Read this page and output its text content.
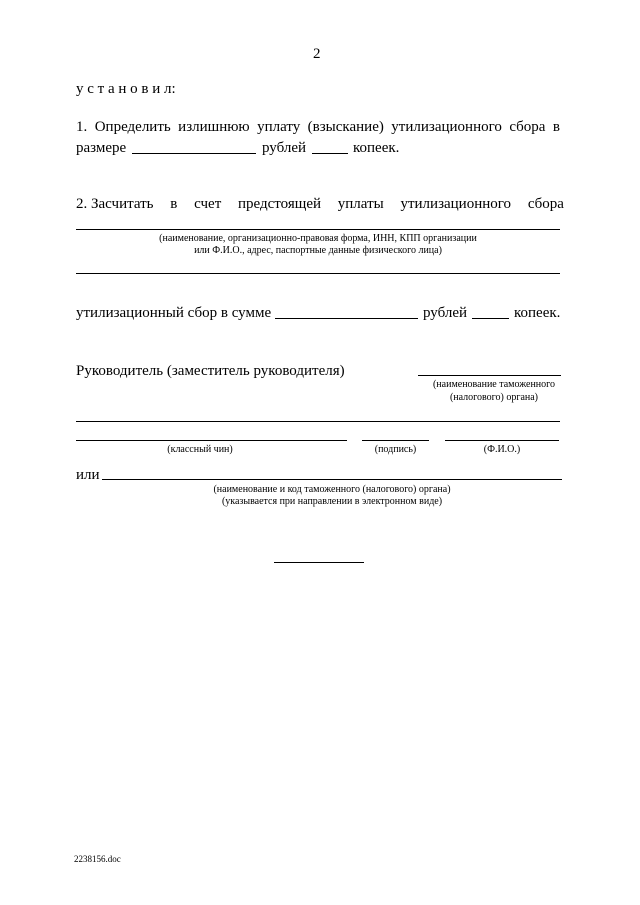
2
у с т а н о в и л:
1. Определить излишнюю уплату (взыскание) утилизационного сбора в
размере	рублей	копеек.
2. Засчитать в счет предстоящей уплаты утилизационного сбора
(наименование, организационно-правовая форма, ИНН, КПП организации
или Ф.И.О., адрес, паспортные данные физического лица)
утилизационный сбор в сумме	рублей	копеек.
Руководитель (заместитель руководителя)
(наименование таможенного
(налогового) органа)
(классный чин)	(подпись)	(Ф.И.О.)
или
(наименование и код таможенного (налогового) органа)
(указывается при направлении в электронном виде)
2238156.doc
